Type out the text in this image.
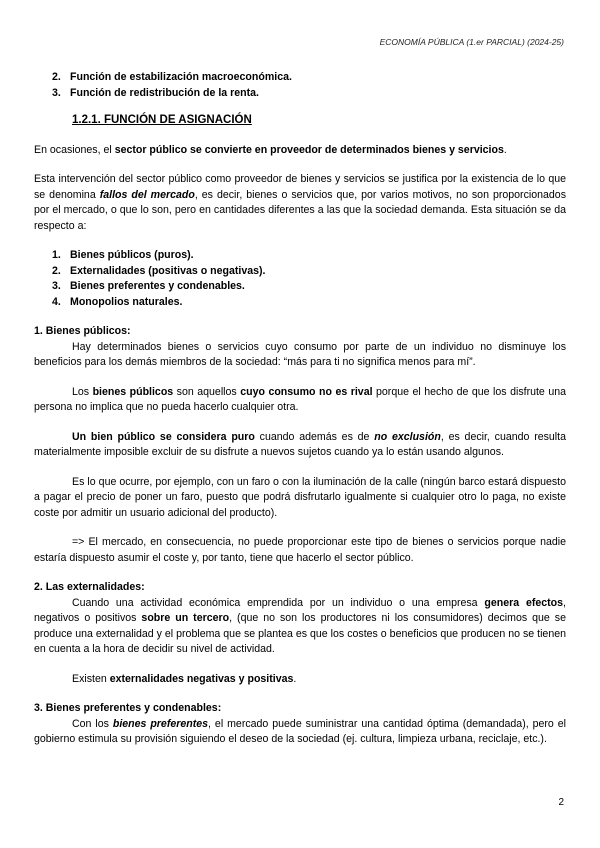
ECONOMÍA PÚBLICA (1.er PARCIAL) (2024-25)
2. Función de estabilización macroeconómica.
3. Función de redistribución de la renta.
1.2.1. FUNCIÓN DE ASIGNACIÓN

En ocasiones, el sector público se convierte en proveedor de determinados bienes y servicios.

Esta intervención del sector público como proveedor de bienes y servicios se justifica por la existencia de lo que se denomina fallos del mercado, es decir, bienes o servicios que, por varios motivos, no son proporcionados por el mercado, o que lo son, pero en cantidades diferentes a las que la sociedad demanda. Esta situación se da respecto a:

1. Bienes públicos (puros).
2. Externalidades (positivas o negativas).
3. Bienes preferentes y condenables.
4. Monopolios naturales.
1. Bienes públicos:

Hay determinados bienes o servicios cuyo consumo por parte de un individuo no disminuye los beneficios para los demás miembros de la sociedad: “más para ti no significa menos para mí”.

Los bienes públicos son aquellos cuyo consumo no es rival porque el hecho de que los disfrute una persona no implica que no pueda hacerlo cualquier otra.

Un bien público se considera puro cuando además es de no exclusión, es decir, cuando resulta materialmente imposible excluir de su disfrute a nuevos sujetos cuando ya lo están usando algunos.

Es lo que ocurre, por ejemplo, con un faro o con la iluminación de la calle (ningún barco estará dispuesto a pagar el precio de poner un faro, puesto que podrá disfrutarlo igualmente si cualquier otro lo paga, no existe coste por admitir un usuario adicional del producto).

=> El mercado, en consecuencia, no puede proporcionar este tipo de bienes o servicios porque nadie estaría dispuesto asumir el coste y, por tanto, tiene que hacerlo el sector público.

2. Las externalidades:

Cuando una actividad económica emprendida por un individuo o una empresa genera efectos, negativos o positivos sobre un tercero, (que no son los productores ni los consumidores) decimos que se produce una externalidad y el problema que se plantea es que los costes o beneficios que producen no se tienen en cuenta a la hora de decidir su nivel de actividad.

Existen externalidades negativas y positivas.

3. Bienes preferentes y condenables:

Con los bienes preferentes, el mercado puede suministrar una cantidad óptima (demandada), pero el gobierno estimula su provisión siguiendo el deseo de la sociedad (ej. cultura, limpieza urbana, reciclaje, etc.).

2
